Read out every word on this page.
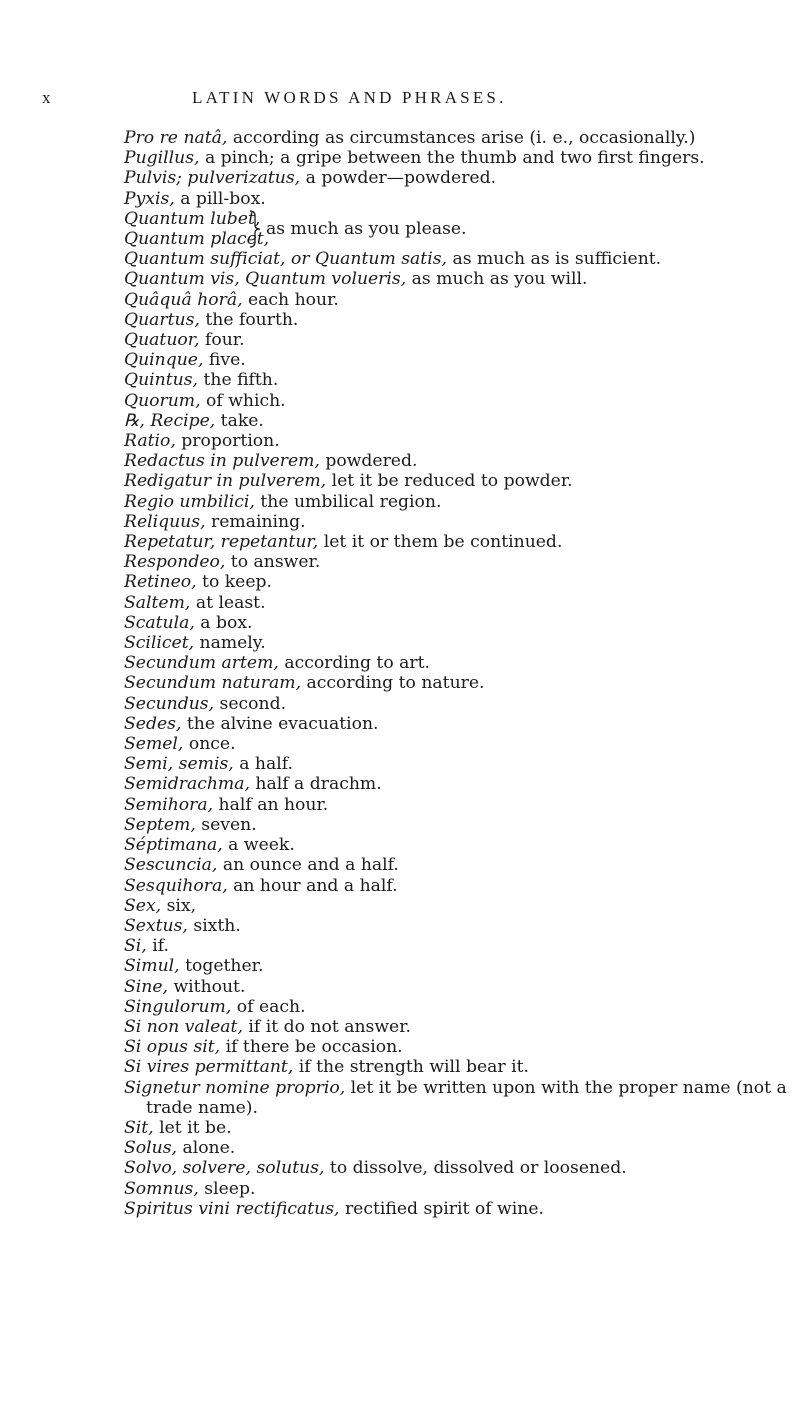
x	LATIN WORDS AND PHRASES.
Pro re natâ, according as circumstances arise (i. e., occasionally.)
Pugillus, a pinch; a gripe between the thumb and two first fingers.
Pulvis; pulverizatus, a powder—powdered.
Pyxis, a pill-box.
Quantum lubet,
Quantum placet,
as much as you please.
Quantum sufficiat, or Quantum satis, as much as is sufficient.
Quantum vis, Quantum volueris, as much as you will.
Quâquâ horâ, each hour.
Quartus, the fourth.
Quatuor, four.
Quinque, five.
Quintus, the fifth.
Quorum, of which.
℞, Recipe, take.
Ratio, proportion.
Redactus in pulverem, powdered.
Redigatur in pulverem, let it be reduced to powder.
Regio umbilici, the umbilical region.
Reliquus, remaining.
Repetatur, repetantur, let it or them be continued.
Respondeo, to answer.
Retineo, to keep.
Saltem, at least.
Scatula, a box.
Scilicet, namely.
Secundum artem, according to art.
Secundum naturam, according to nature.
Secundus, second.
Sedes, the alvine evacuation.
Semel, once.
Semi, semis, a half.
Semidrachma, half a drachm.
Semihora, half an hour.
Septem, seven.
Séptimana, a week.
Sescuncia, an ounce and a half.
Sesquihora, an hour and a half.
Sex, six,
Sextus, sixth.
Si, if.
Simul, together.
Sine, without.
Singulorum, of each.
Si non valeat, if it do not answer.
Si opus sit, if there be occasion.
Si vires permittant, if the strength will bear it.
Signetur nomine proprio, let it be written upon with the proper name (not a trade name).
Sit, let it be.
Solus, alone.
Solvo, solvere, solutus, to dissolve, dissolved or loosened.
Somnus, sleep.
Spiritus vini rectificatus, rectified spirit of wine.
